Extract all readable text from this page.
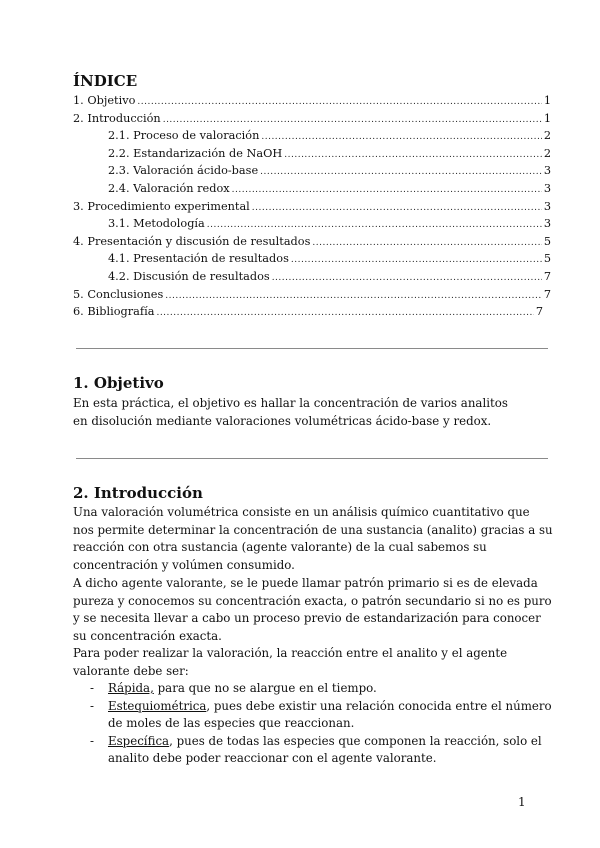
ÍNDICE
1. Objetivo .....	1
2. Introducción .....	1
2.1. Proceso de valoración .....	2
2.2. Estandarización de NaOH .....	2
2.3. Valoración ácido-base .....	3
2.4. Valoración redox .....	3
3. Procedimiento experimental .....	3
3.1. Metodología .....	3
4. Presentación y discusión de resultados .....	5
4.1. Presentación de resultados .....	5
4.2. Discusión de resultados .....	7
5. Conclusiones .....	7
6. Bibliografía .....	7
1. Objetivo

En esta práctica, el objetivo es hallar la concentración de varios analitos en disolución mediante valoraciones volumétricas ácido-base y redox.

2. Introducción

Una valoración volumétrica consiste en un análisis químico cuantitativo que nos permite determinar la concentración de una sustancia (analito) gracias a su reacción con otra sustancia (agente valorante) de la cual sabemos su concentración y volúmen consumido.

A dicho agente valorante, se le puede llamar patrón primario si es de elevada pureza y conocemos su concentración exacta, o patrón secundario si no es puro y se necesita llevar a cabo un proceso previo de estandarización para conocer su concentración exacta.

Para poder realizar la valoración, la reacción entre el analito y el agente valorante debe ser:

- Rápida, para que no se alargue en el tiempo.
- Estequiométrica, pues debe existir una relación conocida entre el número de moles de las especies que reaccionan.
- Específica, pues de todas las especies que componen la reacción, solo el analito debe poder reaccionar con el agente valorante.
1
